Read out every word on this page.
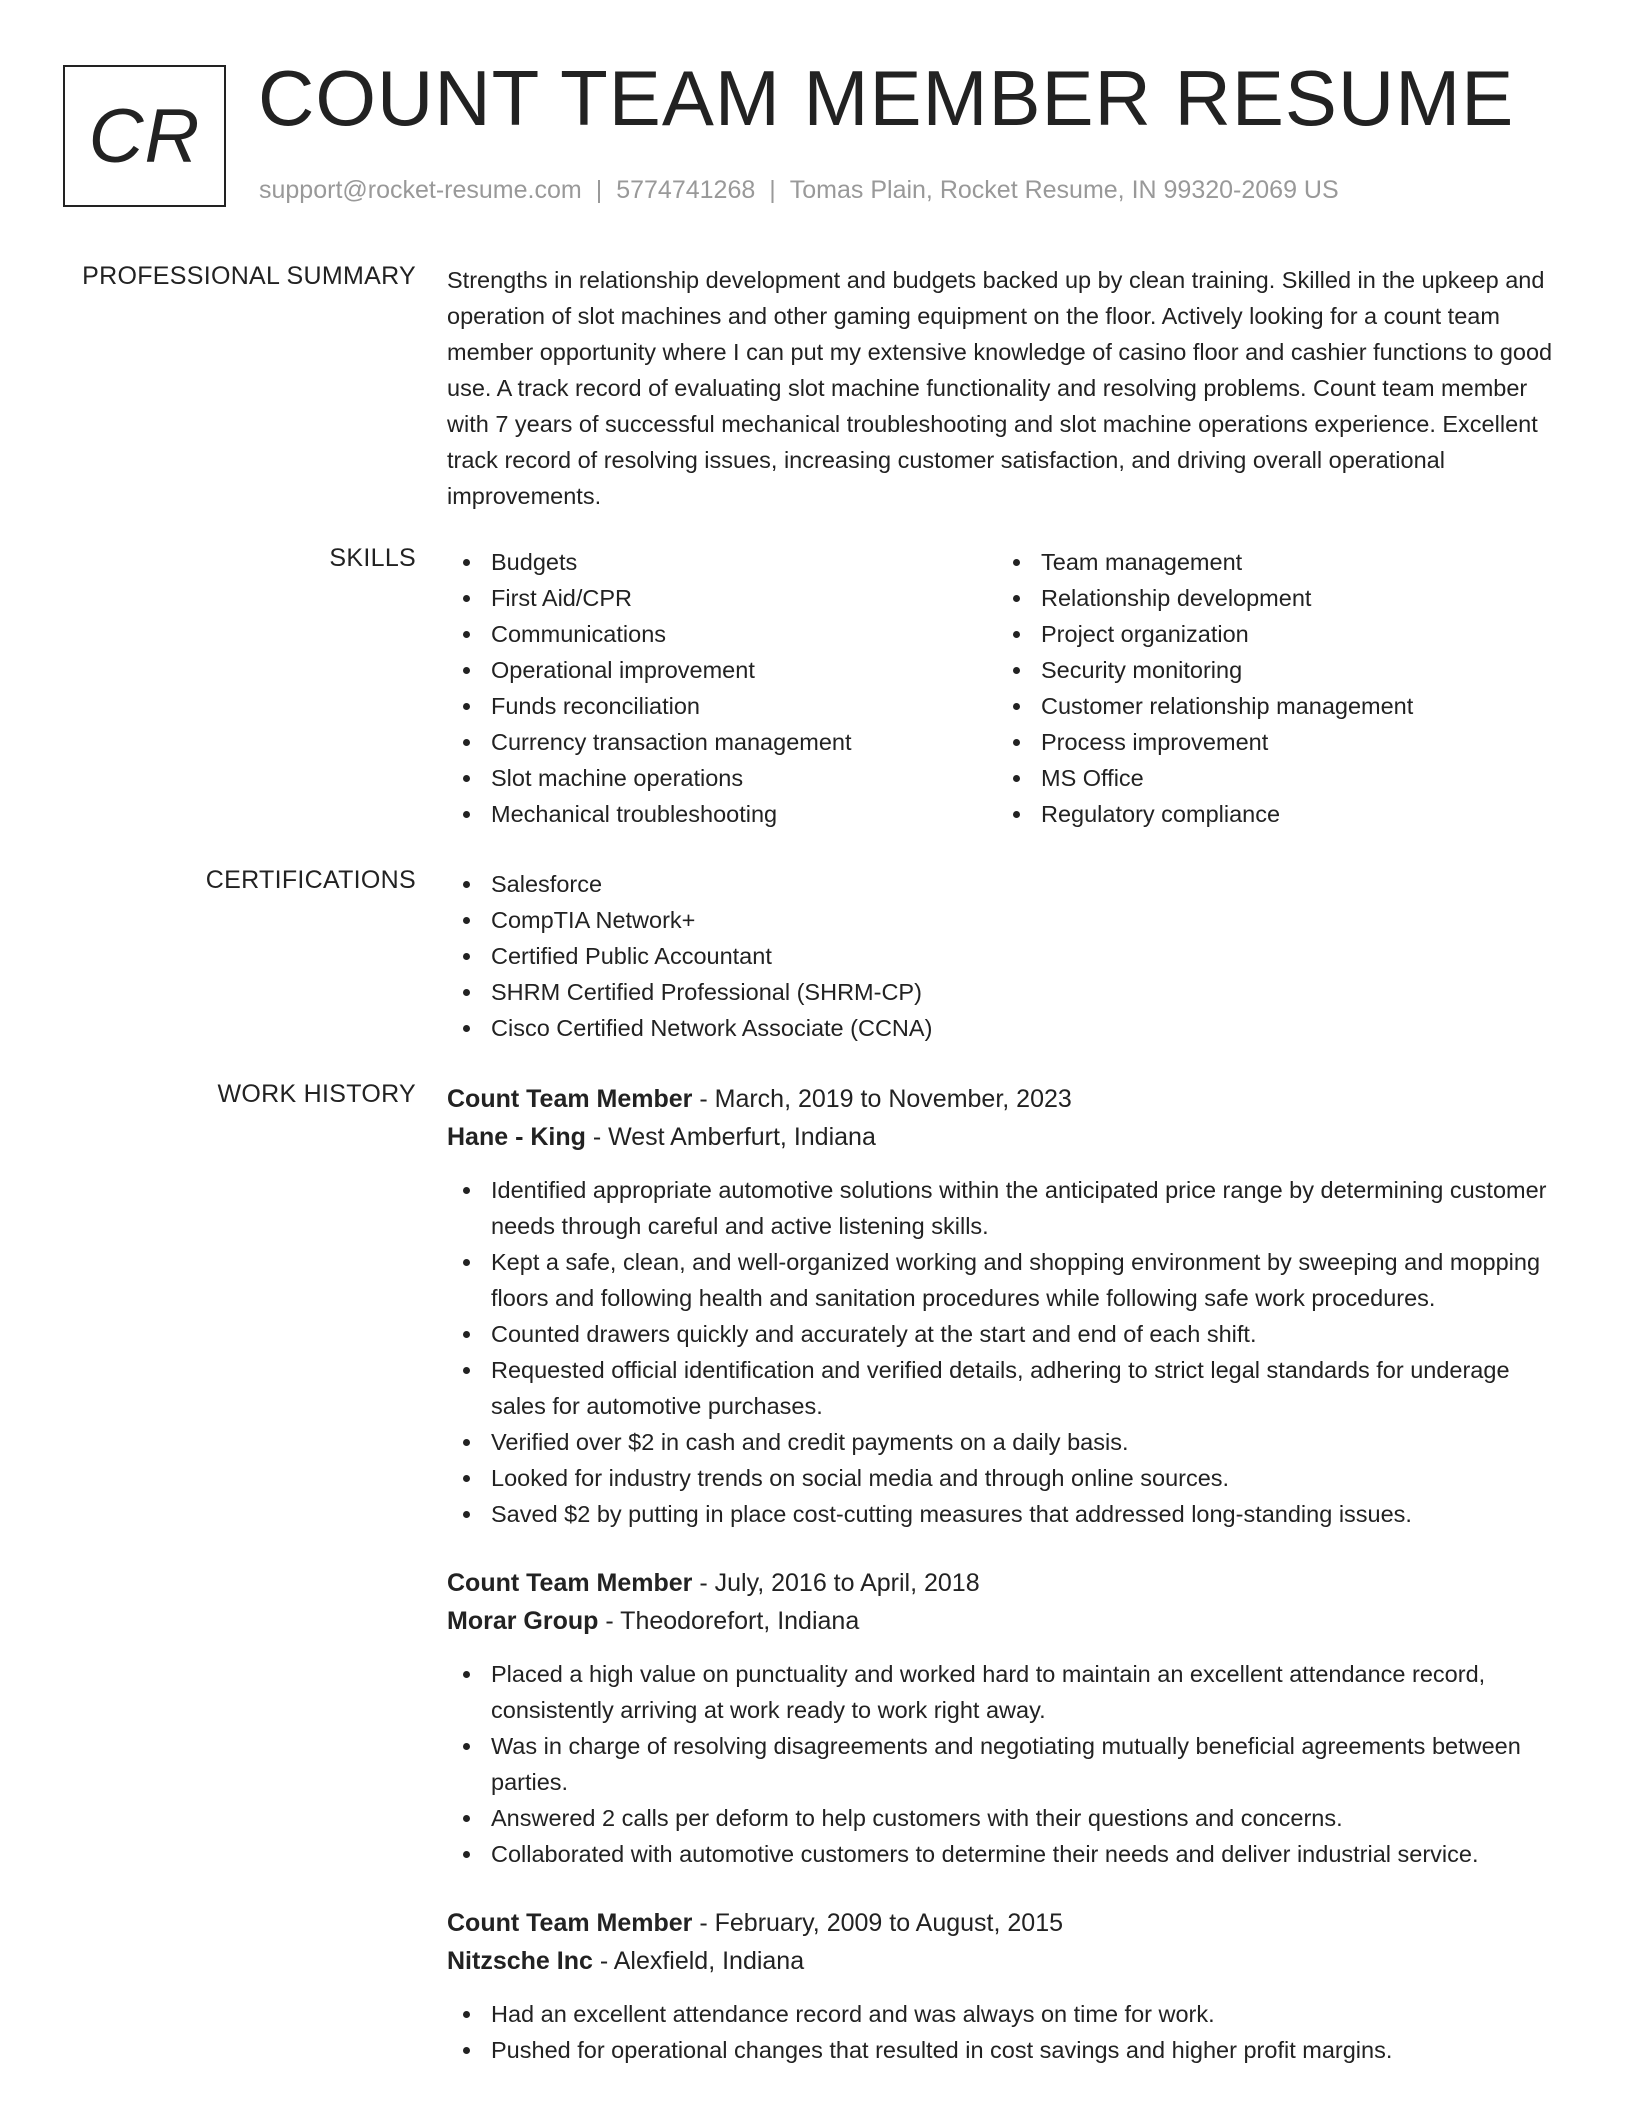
CR COUNT TEAM MEMBER RESUME
support@rocket-resume.com | 5774741268 | Tomas Plain, Rocket Resume, IN 99320-2069 US
PROFESSIONAL SUMMARY Strengths in relationship development and budgets backed up by clean training. Skilled in the upkeep and operation of slot machines and other gaming equipment on the floor. Actively looking for a count team member opportunity where I can put my extensive knowledge of casino floor and cashier functions to good use. A track record of evaluating slot machine functionality and resolving problems. Count team member with 7 years of successful mechanical troubleshooting and slot machine operations experience. Excellent track record of resolving issues, increasing customer satisfaction, and driving overall operational improvements.
SKILLS	Budgets
First Aid/CPR
Communications
Operational improvement
Funds reconciliation
Currency transaction management
Slot machine operations
Mechanical troubleshooting
Team management
Relationship development
Project organization
Security monitoring
Customer relationship management
Process improvement
MS Office
Regulatory compliance
CERTIFICATIONS	Salesforce
CompTIA Network+
Certified Public Accountant
SHRM Certified Professional (SHRM-CP)
Cisco Certified Network Associate (CCNA)
WORK HISTORY Count Team Member - March, 2019 to November, 2023
Hane - King - West Amberfurt, Indiana
Identified appropriate automotive solutions within the anticipated price range by determining customer needs through careful and active listening skills.
Kept a safe, clean, and well-organized working and shopping environment by sweeping and mopping floors and following health and sanitation procedures while following safe work procedures.
Counted drawers quickly and accurately at the start and end of each shift.
Requested official identification and verified details, adhering to strict legal standards for underage sales for automotive purchases.
Verified over $2 in cash and credit payments on a daily basis.
Looked for industry trends on social media and through online sources.
Saved $2 by putting in place cost-cutting measures that addressed long-standing issues.
Count Team Member - July, 2016 to April, 2018
Morar Group - Theodorefort, Indiana
Placed a high value on punctuality and worked hard to maintain an excellent attendance record, consistently arriving at work ready to work right away.
Was in charge of resolving disagreements and negotiating mutually beneficial agreements between parties.
Answered 2 calls per deform to help customers with their questions and concerns.
Collaborated with automotive customers to determine their needs and deliver industrial service.
Count Team Member - February, 2009 to August, 2015
Nitzsche Inc - Alexfield, Indiana
Had an excellent attendance record and was always on time for work.
Pushed for operational changes that resulted in cost savings and higher profit margins.
